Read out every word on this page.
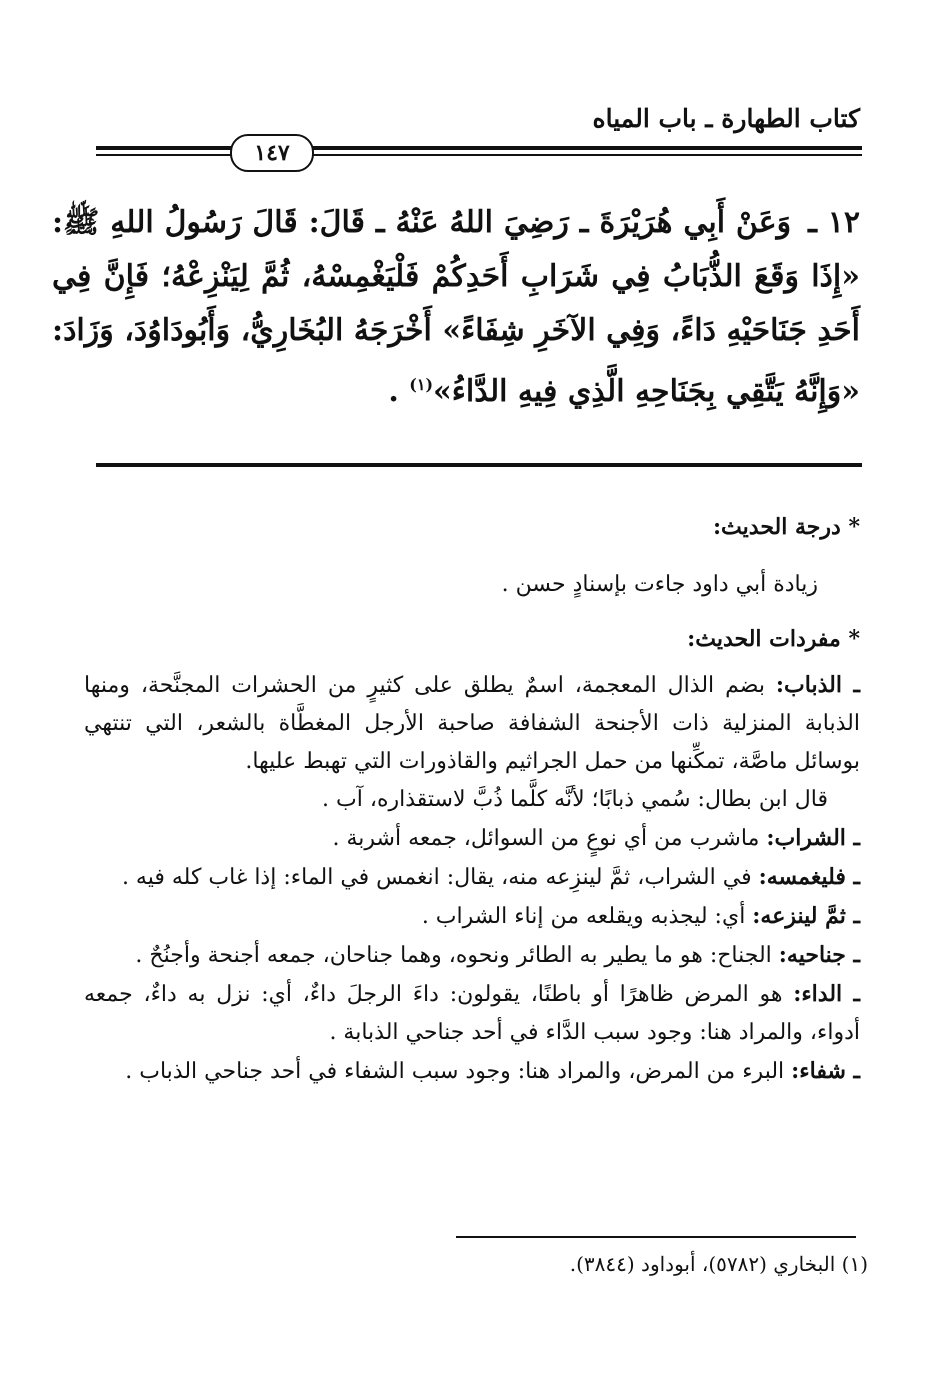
كتاب الطهارة ـ باب المياه
١٤٧
١٢ ـ وَعَنْ أَبِي هُرَيْرَةَ ـ رَضِيَ اللهُ عَنْهُ ـ قَالَ: قَالَ رَسُولُ اللهِ ﷺ: «إِذَا وَقَعَ الذُّبَابُ فِي شَرَابِ أَحَدِكُمْ فَلْيَغْمِسْهُ، ثُمَّ لِيَنْزِعْهُ؛ فَإِنَّ فِي أَحَدِ جَنَاحَيْهِ دَاءً، وَفِي الآخَرِ شِفَاءً» أَخْرَجَهُ البُخَارِيُّ، وَأَبُودَاوُدَ، وَزَادَ: «وَإِنَّهُ يَتَّقِي بِجَنَاحِهِ الَّذِي فِيهِ الدَّاءُ»$^{(١)}$ .
* درجة الحديث:
زيادة أبي داود جاءت بإسنادٍ حسن .
* مفردات الحديث:

ـ الذباب: بضم الذال المعجمة، اسمٌ يطلق على كثيرٍ من الحشرات المجنَّحة، ومنها الذبابة المنزلية ذات الأجنحة الشفافة صاحبة الأرجل المغطَّاة بالشعر، التي تنتهي بوسائل ماصَّة، تمكِّنها من حمل الجراثيم والقاذورات التي تهبط عليها.

قال ابن بطال: سُمي ذبابًا؛ لأنَّه كلَّما ذُبَّ لاستقذاره، آب .

ـ الشراب: ماشرب من أي نوعٍ من السوائل، جمعه أشربة .

ـ فليغمسه: في الشراب، ثمَّ لينزِعه منه، يقال: انغمس في الماء: إذا غاب كله فيه .

ـ ثمَّ لينزعه: أي: ليجذبه ويقلعه من إناء الشراب .

ـ جناحيه: الجناح: هو ما يطير به الطائر ونحوه، وهما جناحان، جمعه أجنحة وأجنُحٌ .

ـ الداء: هو المرض ظاهرًا أو باطنًا، يقولون: داءَ الرجلَ داءٌ، أي: نزل به داءٌ، جمعه أدواء، والمراد هنا: وجود سبب الدَّاء في أحد جناحي الذبابة .

ـ شفاء: البرء من المرض، والمراد هنا: وجود سبب الشفاء في أحد جناحي الذباب .

(١) البخاري (٥٧٨٢)، أبوداود (٣٨٤٤).
